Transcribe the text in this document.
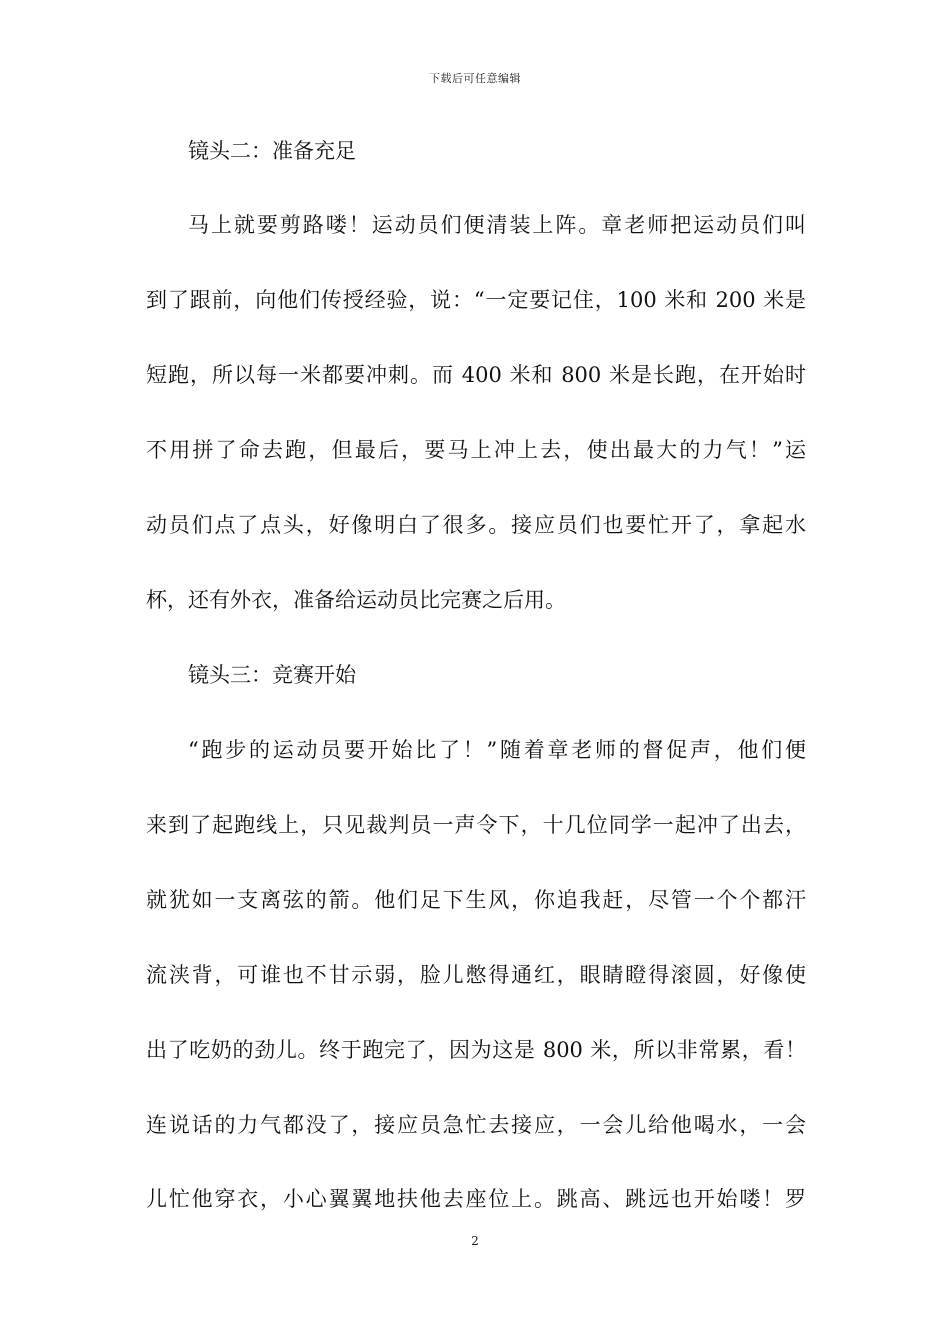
下载后可任意编辑
镜头二：准备充足
马上就要剪路喽！运动员们便清装上阵。章老师把运动员们叫
到了跟前，向他们传授经验，说：“一定要记住，100 米和 200 米是
短跑，所以每一米都要冲刺。而 400 米和 800 米是长跑，在开始时
不用拼了命去跑，但最后，要马上冲上去，使出最大的力气！”运
动员们点了点头，好像明白了很多。接应员们也要忙开了，拿起水
杯，还有外衣，准备给运动员比完赛之后用。
镜头三：竞赛开始
“跑步的运动员要开始比了！”随着章老师的督促声，他们便
来到了起跑线上，只见裁判员一声令下，十几位同学一起冲了出去，
就犹如一支离弦的箭。他们足下生风，你追我赶，尽管一个个都汗
流浃背，可谁也不甘示弱，脸儿憋得通红，眼睛瞪得滚圆，好像使
出了吃奶的劲儿。终于跑完了，因为这是 800 米，所以非常累，看！
连说话的力气都没了，接应员急忙去接应，一会儿给他喝水，一会
儿忙他穿衣，小心翼翼地扶他去座位上。跳高、跳远也开始喽！罗
2
